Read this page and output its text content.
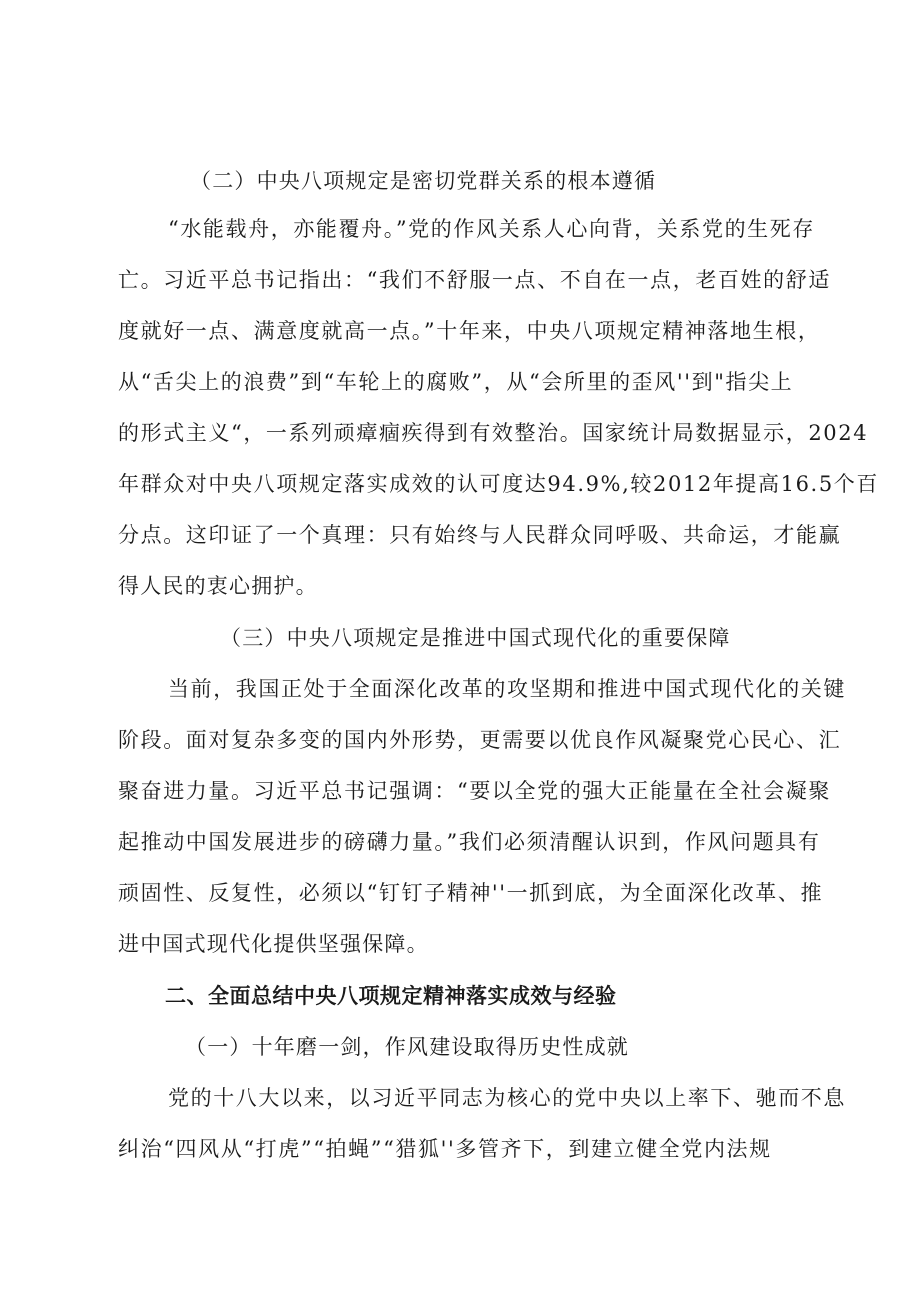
（二）中央八项规定是密切党群关系的根本遵循
“水能载舟，亦能覆舟。”党的作风关系人心向背，关系党的生死存
亡。习近平总书记指出：“我们不舒服一点、不自在一点，老百姓的舒适
度就好一点、满意度就高一点。”十年来，中央八项规定精神落地生根，
从“舌尖上的浪费”到“车轮上的腐败”，从“会所里的歪风''到"指尖上
的形式主义“，一系列顽瘴痼疾得到有效整治。国家统计局数据显示，2024
年群众对中央八项规定落实成效的认可度达94.9%,较2012年提高16.5个百
分点。这印证了一个真理：只有始终与人民群众同呼吸、共命运，才能赢
得人民的衷心拥护。
（三）中央八项规定是推进中国式现代化的重要保障
当前，我国正处于全面深化改革的攻坚期和推进中国式现代化的关键
阶段。面对复杂多变的国内外形势，更需要以优良作风凝聚党心民心、汇
聚奋进力量。习近平总书记强调：“要以全党的强大正能量在全社会凝聚
起推动中国发展进步的磅礴力量。”我们必须清醒认识到，作风问题具有
顽固性、反复性，必须以“钉钉子精神''一抓到底，为全面深化改革、推
进中国式现代化提供坚强保障。
二、全面总结中央八项规定精神落实成效与经验
（一）十年磨一剑，作风建设取得历史性成就
党的十八大以来，以习近平同志为核心的党中央以上率下、驰而不息
纠治“四风从“打虎”“拍蝇”“猎狐''多管齐下，到建立健全党内法规
